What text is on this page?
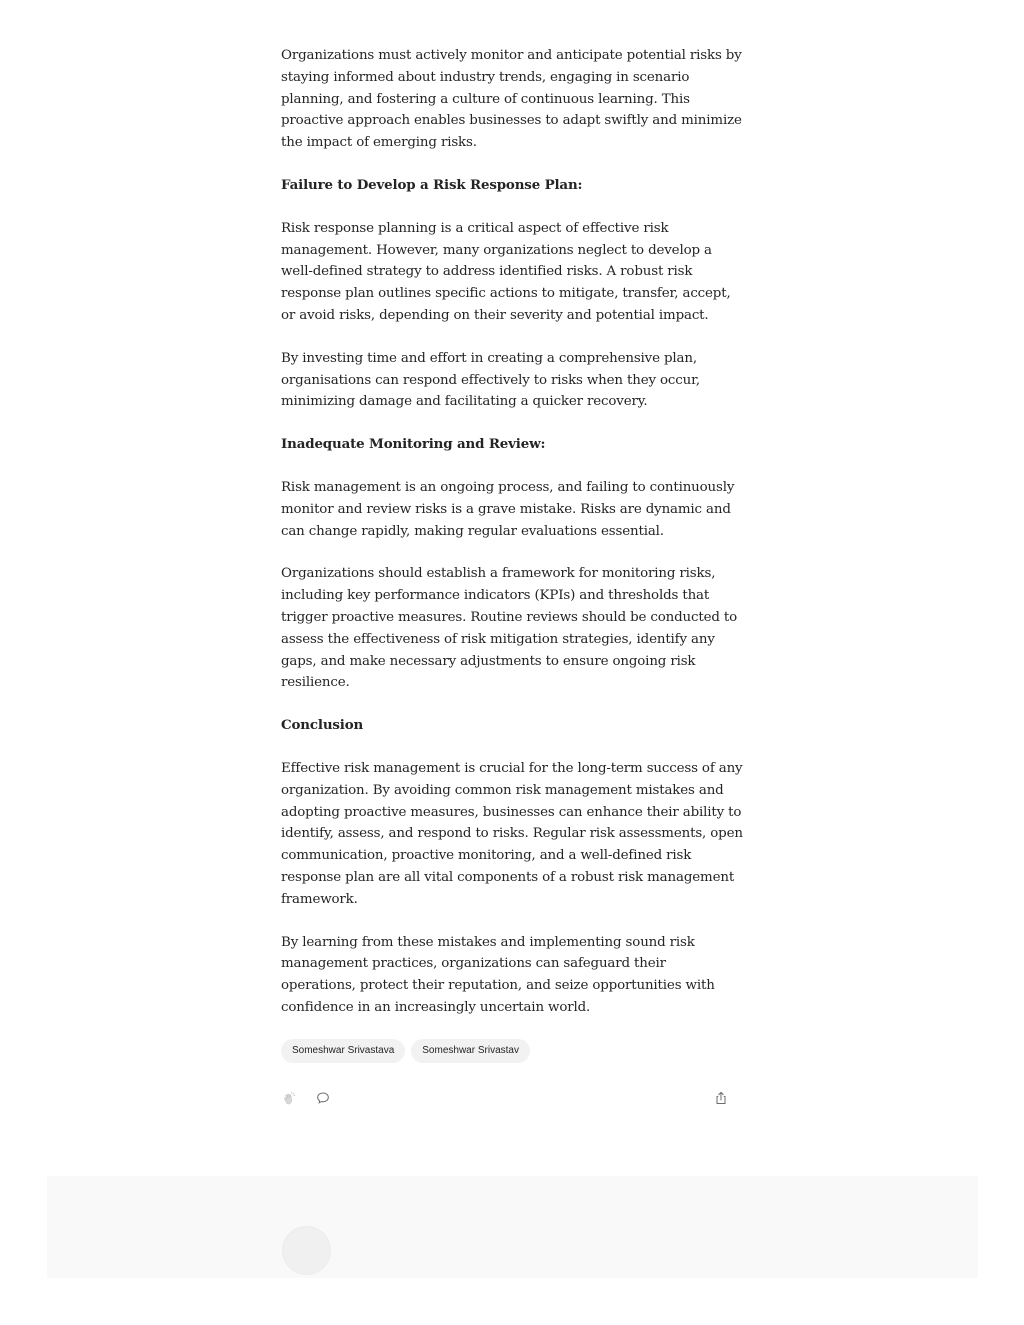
Organizations must actively monitor and anticipate potential risks by staying informed about industry trends, engaging in scenario planning, and fostering a culture of continuous learning. This proactive approach enables businesses to adapt swiftly and minimize the impact of emerging risks.

Failure to Develop a Risk Response Plan:

Risk response planning is a critical aspect of effective risk management. However, many organizations neglect to develop a well-defined strategy to address identified risks. A robust risk response plan outlines specific actions to mitigate, transfer, accept, or avoid risks, depending on their severity and potential impact.

By investing time and effort in creating a comprehensive plan, organisations can respond effectively to risks when they occur, minimizing damage and facilitating a quicker recovery.

Inadequate Monitoring and Review:

Risk management is an ongoing process, and failing to continuously monitor and review risks is a grave mistake. Risks are dynamic and can change rapidly, making regular evaluations essential.

Organizations should establish a framework for monitoring risks, including key performance indicators (KPIs) and thresholds that trigger proactive measures. Routine reviews should be conducted to assess the effectiveness of risk mitigation strategies, identify any gaps, and make necessary adjustments to ensure ongoing risk resilience.

Conclusion

Effective risk management is crucial for the long-term success of any organization. By avoiding common risk management mistakes and adopting proactive measures, businesses can enhance their ability to identify, assess, and respond to risks. Regular risk assessments, open communication, proactive monitoring, and a well-defined risk response plan are all vital components of a robust risk management framework.

By learning from these mistakes and implementing sound risk management practices, organizations can safeguard their operations, protect their reputation, and seize opportunities with confidence in an increasingly uncertain world.

Someshwar Srivastava	Someshwar Srivastav
